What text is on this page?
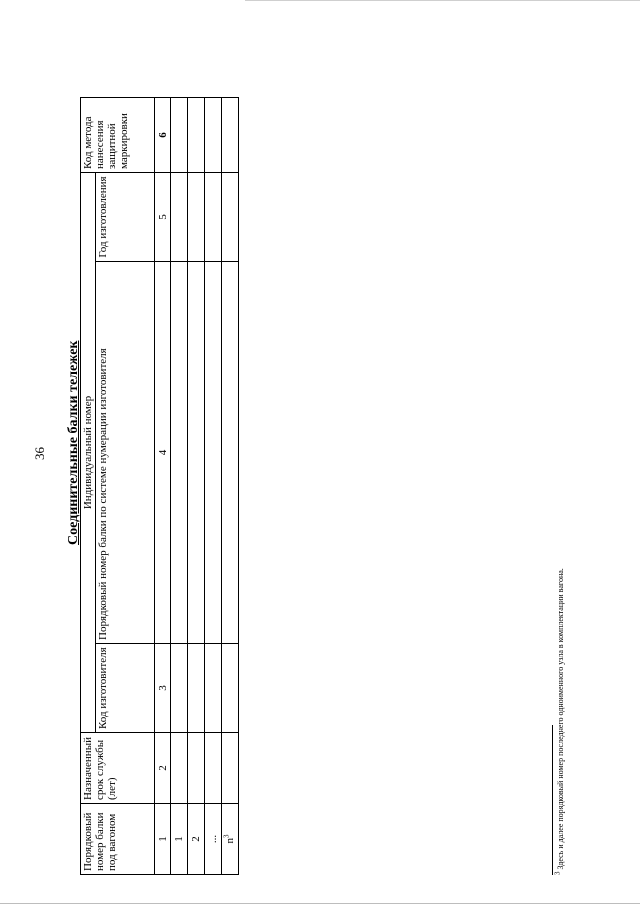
36 Соединительные балки тележек
Порядковый номер балки под вагоном	Назначенный срок службы (лет)	Индивидуальный номер			Код метода нанесения защитной маркировки
		Код изготовителя	Порядковый номер балки по системе нумерации изготовителя	Год изготовления	
1	2	3	4	5	6
1					
2					
...					
$n^3$					
$^3$ Здесь и далее порядковый номер последнего одноименного узла в комплектации вагона.
